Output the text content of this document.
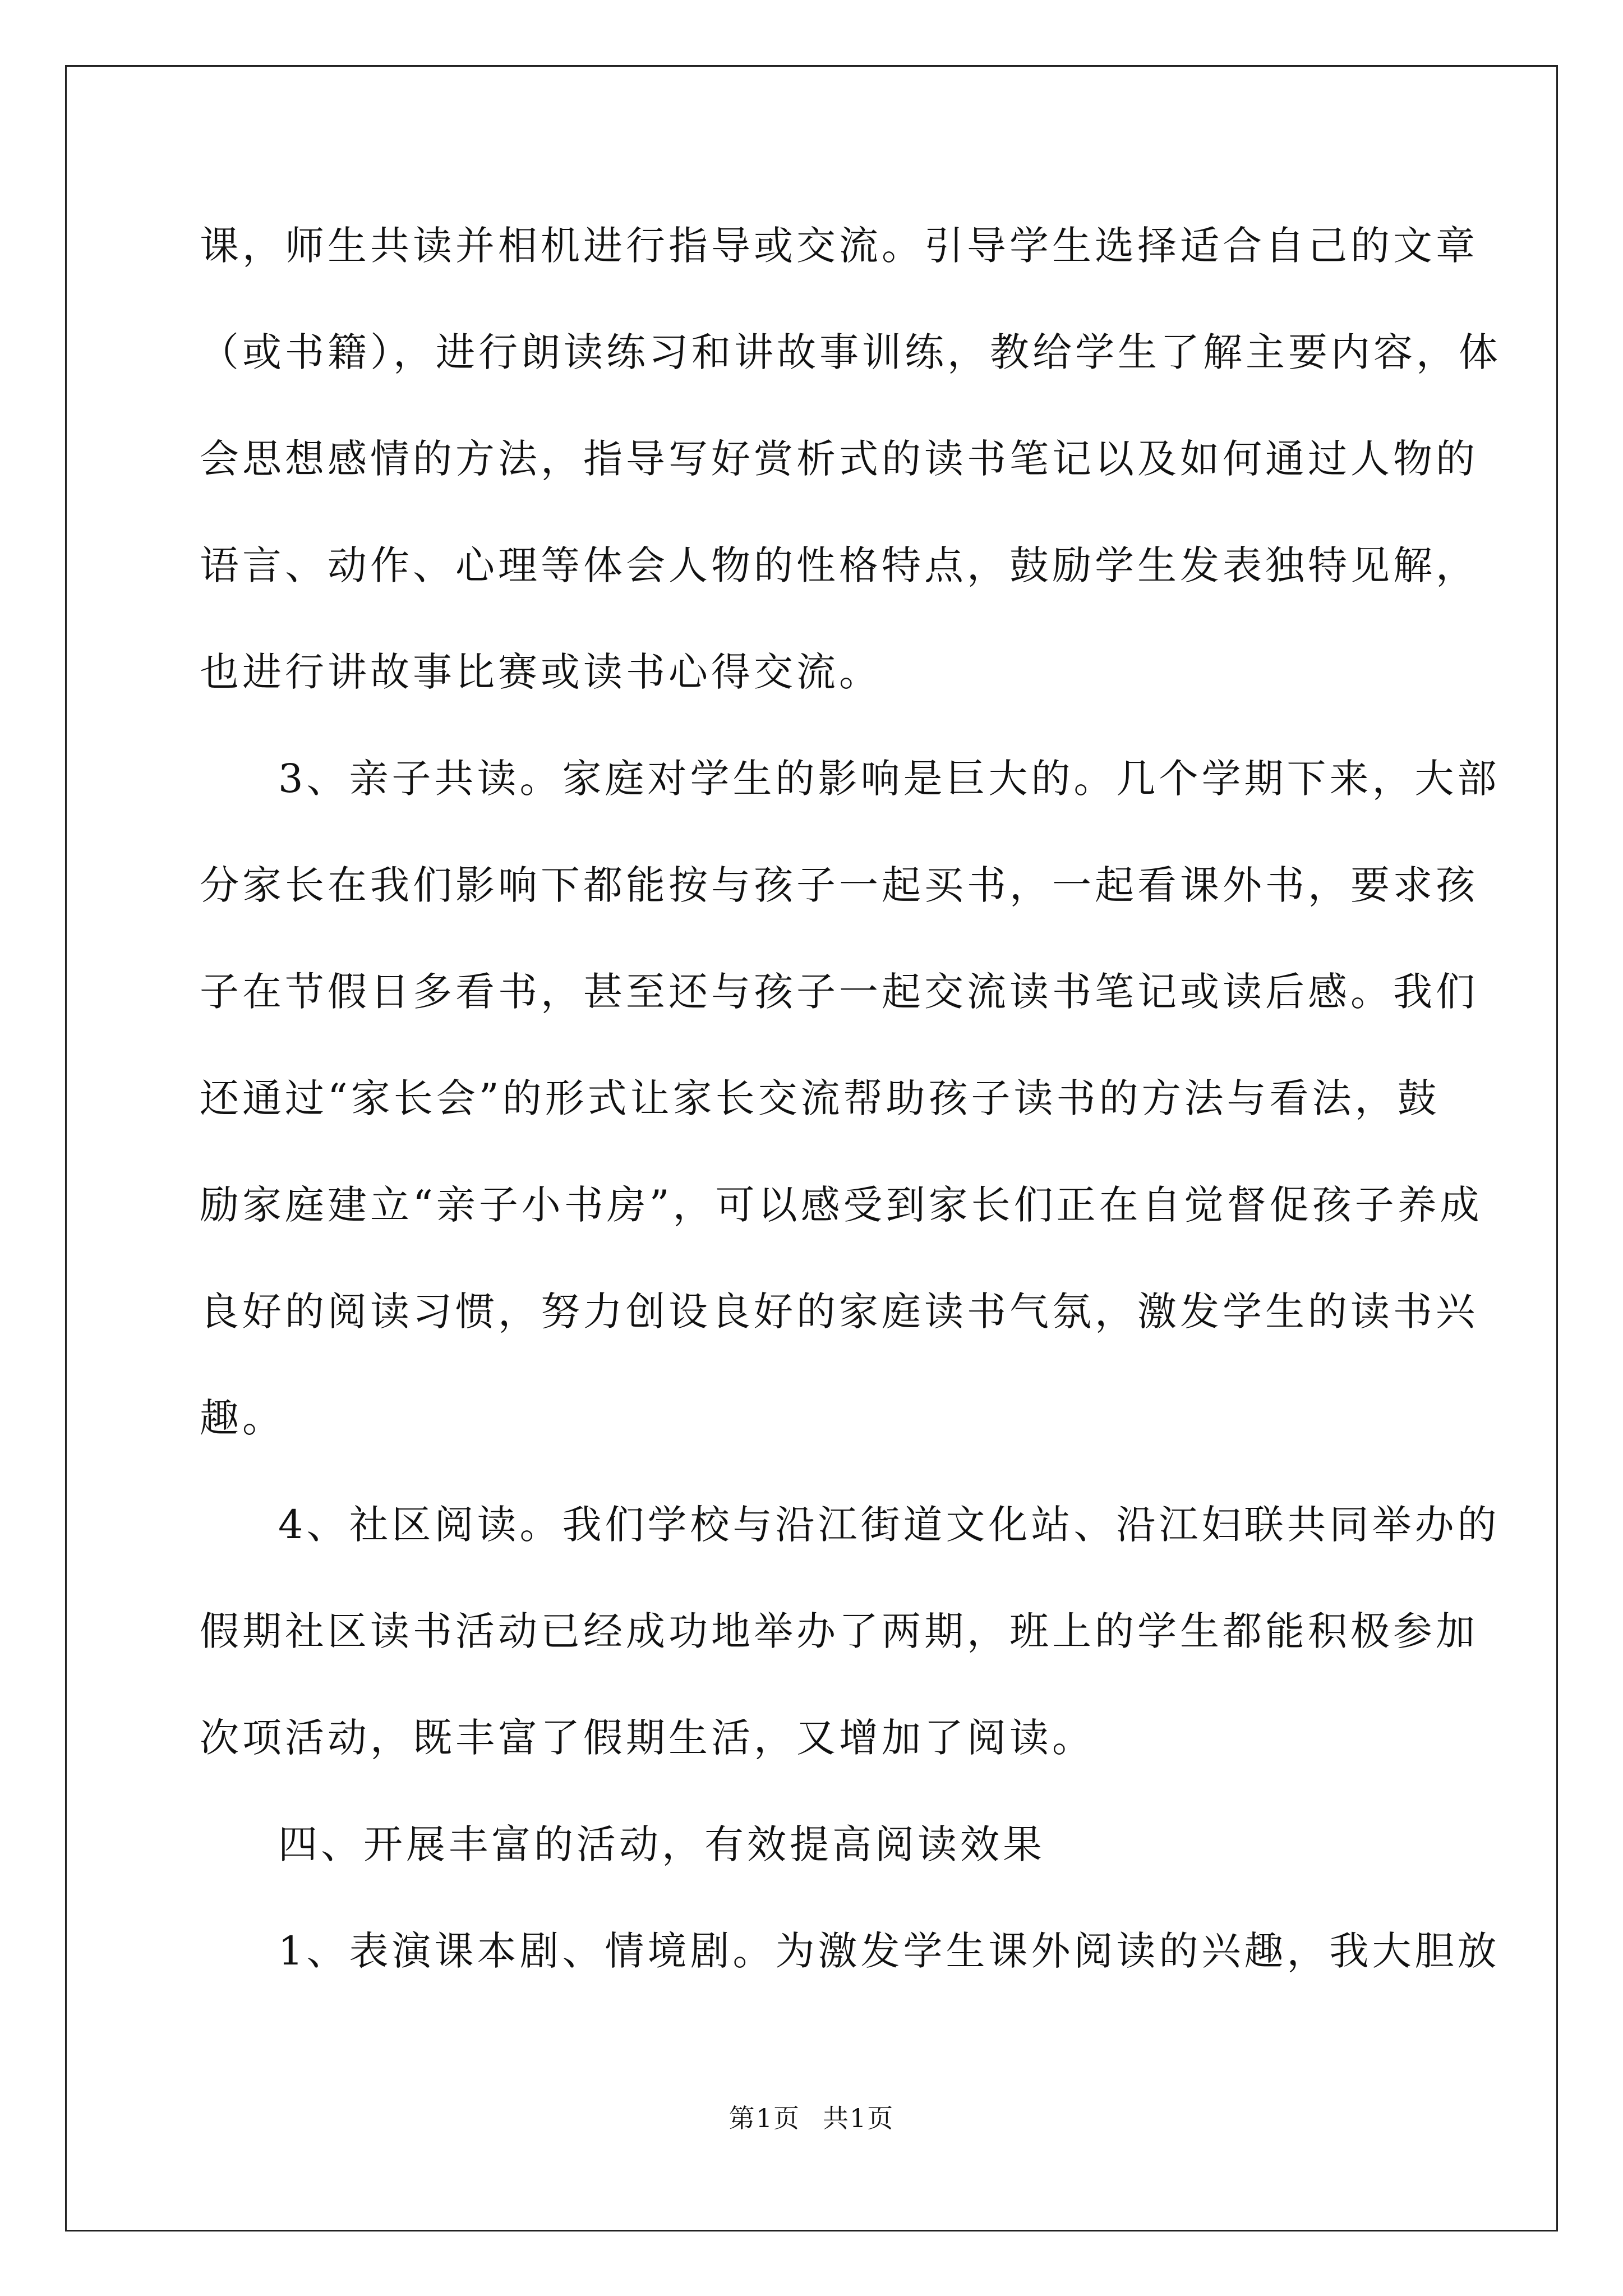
课，师生共读并相机进行指导或交流。引导学生选择适合自己的文章
（或书籍），进行朗读练习和讲故事训练，教给学生了解主要内容，体
会思想感情的方法，指导写好赏析式的读书笔记以及如何通过人物的
语言、动作、心理等体会人物的性格特点，鼓励学生发表独特见解，
也进行讲故事比赛或读书心得交流。
3、亲子共读。家庭对学生的影响是巨大的。几个学期下来，大部
分家长在我们影响下都能按与孩子一起买书，一起看课外书，要求孩
子在节假日多看书，甚至还与孩子一起交流读书笔记或读后感。我们
还通过“家长会”的形式让家长交流帮助孩子读书的方法与看法，鼓
励家庭建立“亲子小书房”，可以感受到家长们正在自觉督促孩子养成
良好的阅读习惯，努力创设良好的家庭读书气氛，激发学生的读书兴
趣。
4、社区阅读。我们学校与沿江街道文化站、沿江妇联共同举办的
假期社区读书活动已经成功地举办了两期，班上的学生都能积极参加
次项活动，既丰富了假期生活，又增加了阅读。
四、开展丰富的活动，有效提高阅读效果
1、表演课本剧、情境剧。为激发学生课外阅读的兴趣，我大胆放
第1页 共1页
